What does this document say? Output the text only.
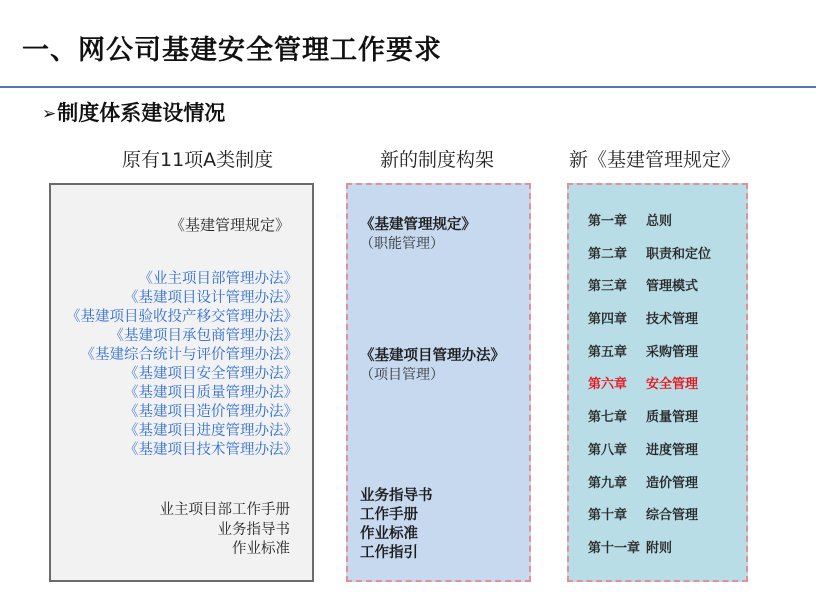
一、网公司基建安全管理工作要求
➢制度体系建设情况
原有11项A类制度	新的制度构架	新《基建管理规定》
《基建管理规定》
《业主项目部管理办法》
《基建项目设计管理办法》
《基建项目验收投产移交管理办法》
《基建项目承包商管理办法》
《基建综合统计与评价管理办法》
《基建项目安全管理办法》
《基建项目质量管理办法》
《基建项目造价管理办法》
《基建项目进度管理办法》
《基建项目技术管理办法》
业主项目部工作手册
业务指导书
作业标准
《基建管理规定》
（职能管理）
《基建项目管理办法》
（项目管理）
业务指导书
工作手册
作业标准
工作指引
第一章	总则
第二章	职责和定位
第三章	管理模式
第四章	技术管理
第五章	采购管理
第六章	安全管理
第七章	质量管理
第八章	进度管理
第九章	造价管理
第十章	综合管理
第十一章 附则
